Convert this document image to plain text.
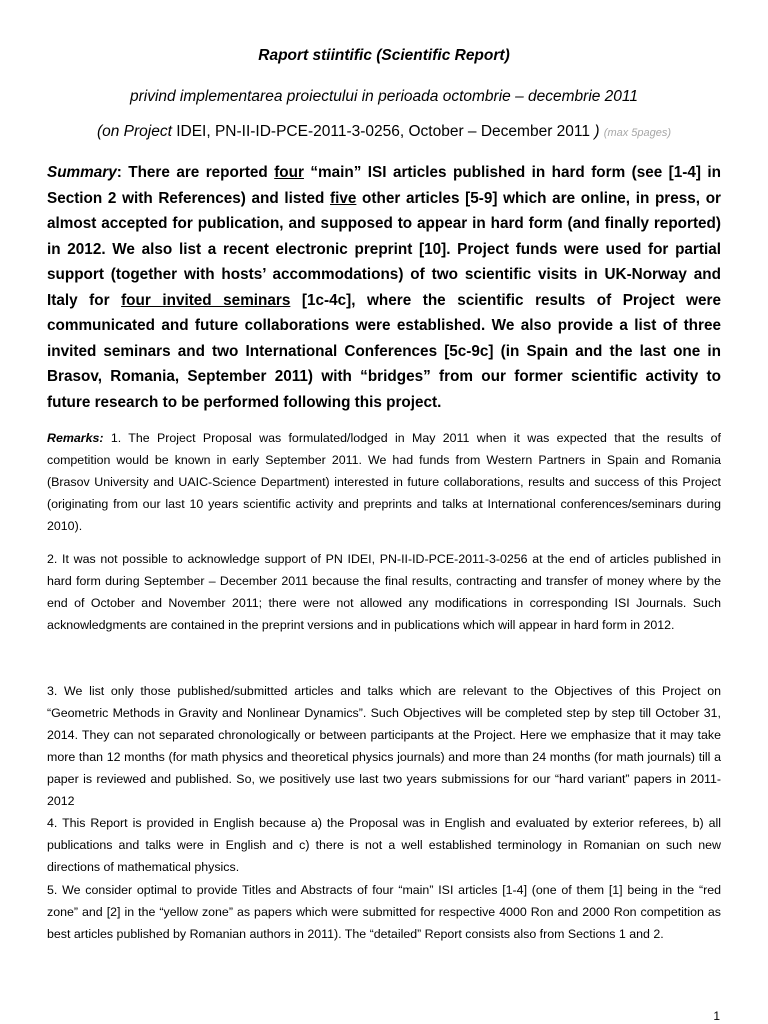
Raport stiintific (Scientific Report)
privind implementarea proiectului in perioada octombrie – decembrie 2011
(on Project IDEI, PN-II-ID-PCE-2011-3-0256, October – December 2011 ) (max 5pages)

Summary: There are reported four “main” ISI articles published in hard form (see [1-4] in Section 2 with References) and listed five other articles [5-9] which are online, in press, or almost accepted for publication, and supposed to appear in hard form (and finally reported) in 2012. We also list a recent electronic preprint [10]. Project funds were used for partial support (together with hosts’ accommodations) of two scientific visits in UK-Norway and Italy for four invited seminars [1c-4c], where the scientific results of Project were communicated and future collaborations were established. We also provide a list of three invited seminars and two International Conferences [5c-9c] (in Spain and the last one in Brasov, Romania, September 2011) with “bridges” from our former scientific activity to future research to be performed following this project.

Remarks: 1. The Project Proposal was formulated/lodged in May 2011 when it was expected that the results of competition would be known in early September 2011. We had funds from Western Partners in Spain and Romania (Brasov University and UAIC-Science Department) interested in future collaborations, results and success of this Project (originating from our last 10 years scientific activity and preprints and talks at International conferences/seminars during 2010).

2. It was not possible to acknowledge support of PN IDEI, PN-II-ID-PCE-2011-3-0256 at the end of articles published in hard form during September – December 2011 because the final results, contracting and transfer of money where by the end of October and November 2011; there were not allowed any modifications in corresponding ISI Journals. Such acknowledgments are contained in the preprint versions and in publications which will appear in hard form in 2012.

3. We list only those published/submitted articles and talks which are relevant to the Objectives of this Project on “Geometric Methods in Gravity and Nonlinear Dynamics”. Such Objectives will be completed step by step till October 31, 2014. They can not separated chronologically or between participants at the Project. Here we emphasize that it may take more than 12 months (for math physics and theoretical physics journals) and more than 24 months (for math journals) till a paper is reviewed and published. So, we positively use last two years submissions for our “hard variant” papers in 2011-2012

4. This Report is provided in English because a) the Proposal was in English and evaluated by exterior referees, b) all publications and talks were in English and c) there is not a well established terminology in Romanian on such new directions of mathematical physics.

5. We consider optimal to provide Titles and Abstracts of four “main” ISI articles [1-4] (one of them [1] being in the “red zone” and [2] in the “yellow zone” as papers which were submitted for respective 4000 Ron and 2000 Ron competition as best articles published by Romanian authors in 2011). The “detailed” Report consists also from Sections 1 and 2.

1
